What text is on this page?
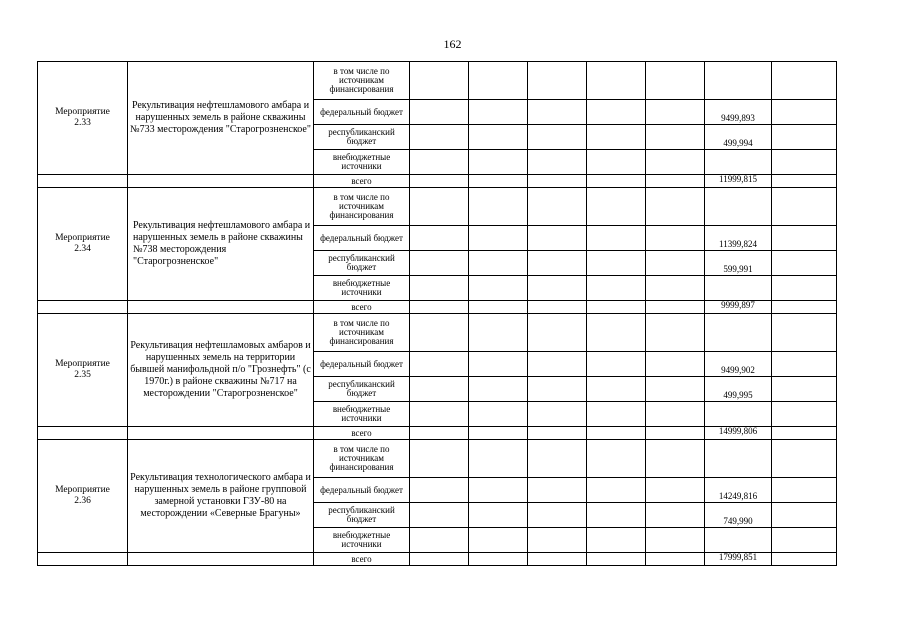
162
Мероприятие
2.33	Рекультивация нефтешламового амбара и нарушенных земель в районе скважины №733 месторождения "Старогрозненское"	в том числе по источникам финансирования							
		федеральный бюджет						9499,893	
		республиканский бюджет						499,994	
		внебюджетные источники							
		всего						11999,815	
Мероприятие
2.34	Рекультивация нефтешламового амбара и нарушенных земель в районе скважины №738 месторождения "Старогрозненское"	в том числе по источникам финансирования							
		федеральный бюджет						11399,824	
		республиканский бюджет						599,991	
		внебюджетные источники							
		всего						9999,897	
Мероприятие
2.35	Рекультивация нефтешламовых амбаров и нарушенных земель на территории бывшей манифольдной п/о "Грознефть" (с 1970г.) в районе скважины №717 на месторождении "Старогрозненское"	в том числе по источникам финансирования							
		федеральный бюджет						9499,902	
		республиканский бюджет						499,995	
		внебюджетные источники							
		всего						14999,806	
Мероприятие
2.36	Рекультивация технологического амбара и нарушенных земель в районе групповой замерной установки ГЗУ-80 на месторождении «Северные Брагуны»	в том числе по источникам финансирования							
		федеральный бюджет						14249,816	
		республиканский бюджет						749,990	
		внебюджетные источники							
		всего						17999,851	
